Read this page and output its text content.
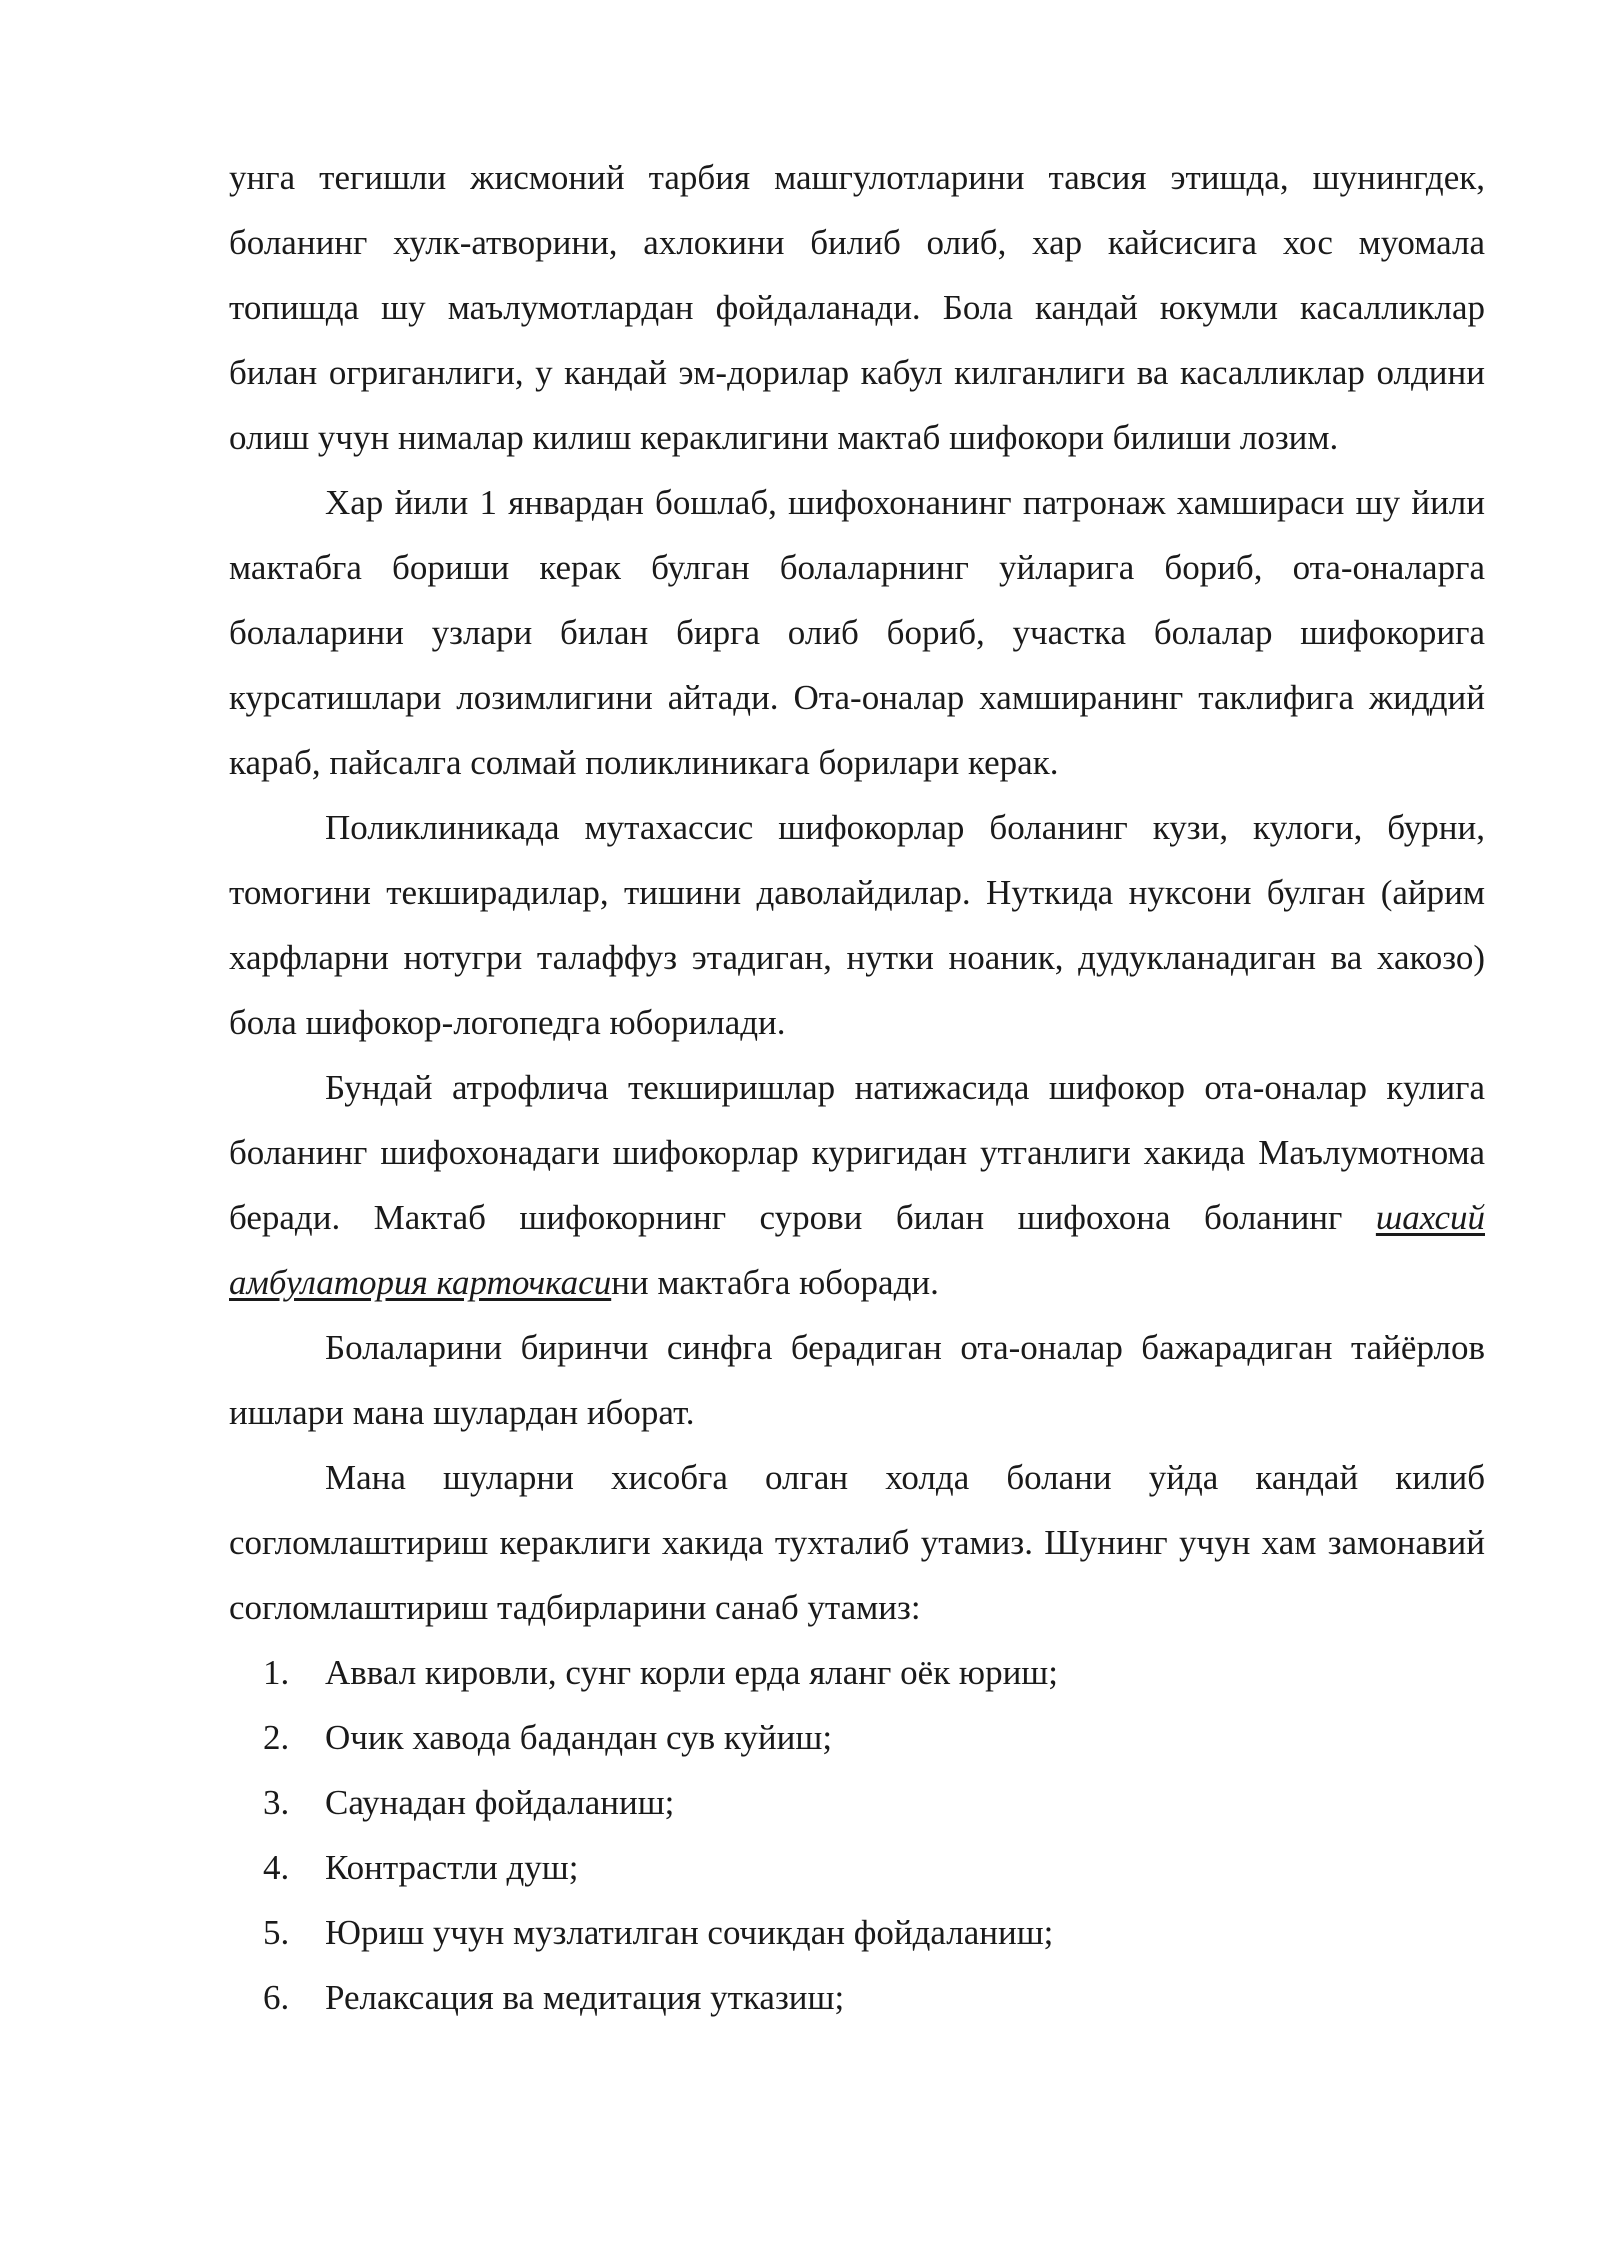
унга тегишли жисмоний тарбия машгулотларини тавсия этишда, шунингдек, боланинг хулк-атворини, ахлокини билиб олиб, хар кайсисига хос муомала топишда шу маълумотлардан фойдаланади. Бола кандай юкумли касалликлар билан огриганлиги, у кандай эм-дорилар кабул килганлиги ва касалликлар олдини олиш учун нималар килиш кераклигини мактаб шифокори билиши лозим.

Хар йили 1 январдан бошлаб, шифохонанинг патронаж хамшираси шу йили мактабга бориши керак булган болаларнинг уйларига бориб, ота-оналарга болаларини узлари билан бирга олиб бориб, участка болалар шифокорига курсатишлари лозимлигини айтади. Ота-оналар хамширанинг таклифига жиддий караб, пайсалга солмай поликлиникага борилари керак.

Поликлиникада мутахассис шифокорлар боланинг кузи, кулоги, бурни, томогини текширадилар, тишини даволайдилар. Нуткида нуксони булган (айрим харфларни нотугри талаффуз этадиган, нутки ноаник, дудукланадиган ва хакозо) бола шифокор-логопедга юборилади.

Бундай атрофлича текширишлар натижасида шифокор ота-оналар кулига боланинг шифохонадаги шифокорлар куригидан утганлиги хакида Маълумотнома беради. Мактаб шифокорнинг сурови билан шифохона боланинг шахсий амбулатория карточкасини мактабга юборади.

Болаларини биринчи синфга берадиган ота-оналар бажарадиган тайёрлов ишлари мана шулардан иборат.

Мана шуларни хисобга олган холда болани уйда кандай килиб согломлаштириш кераклиги хакида тухталиб утамиз. Шунинг учун хам замонавий согломлаштириш тадбирларини санаб утамиз:

1. Аввал кировли, сунг корли ерда яланг оёк юриш;
2. Очик хавода бадандан сув куйиш;
3. Саунадан фойдаланиш;
4. Контрастли душ;
5. Юриш учун музлатилган сочикдан фойдаланиш;
6. Релаксация ва медитация утказиш;
